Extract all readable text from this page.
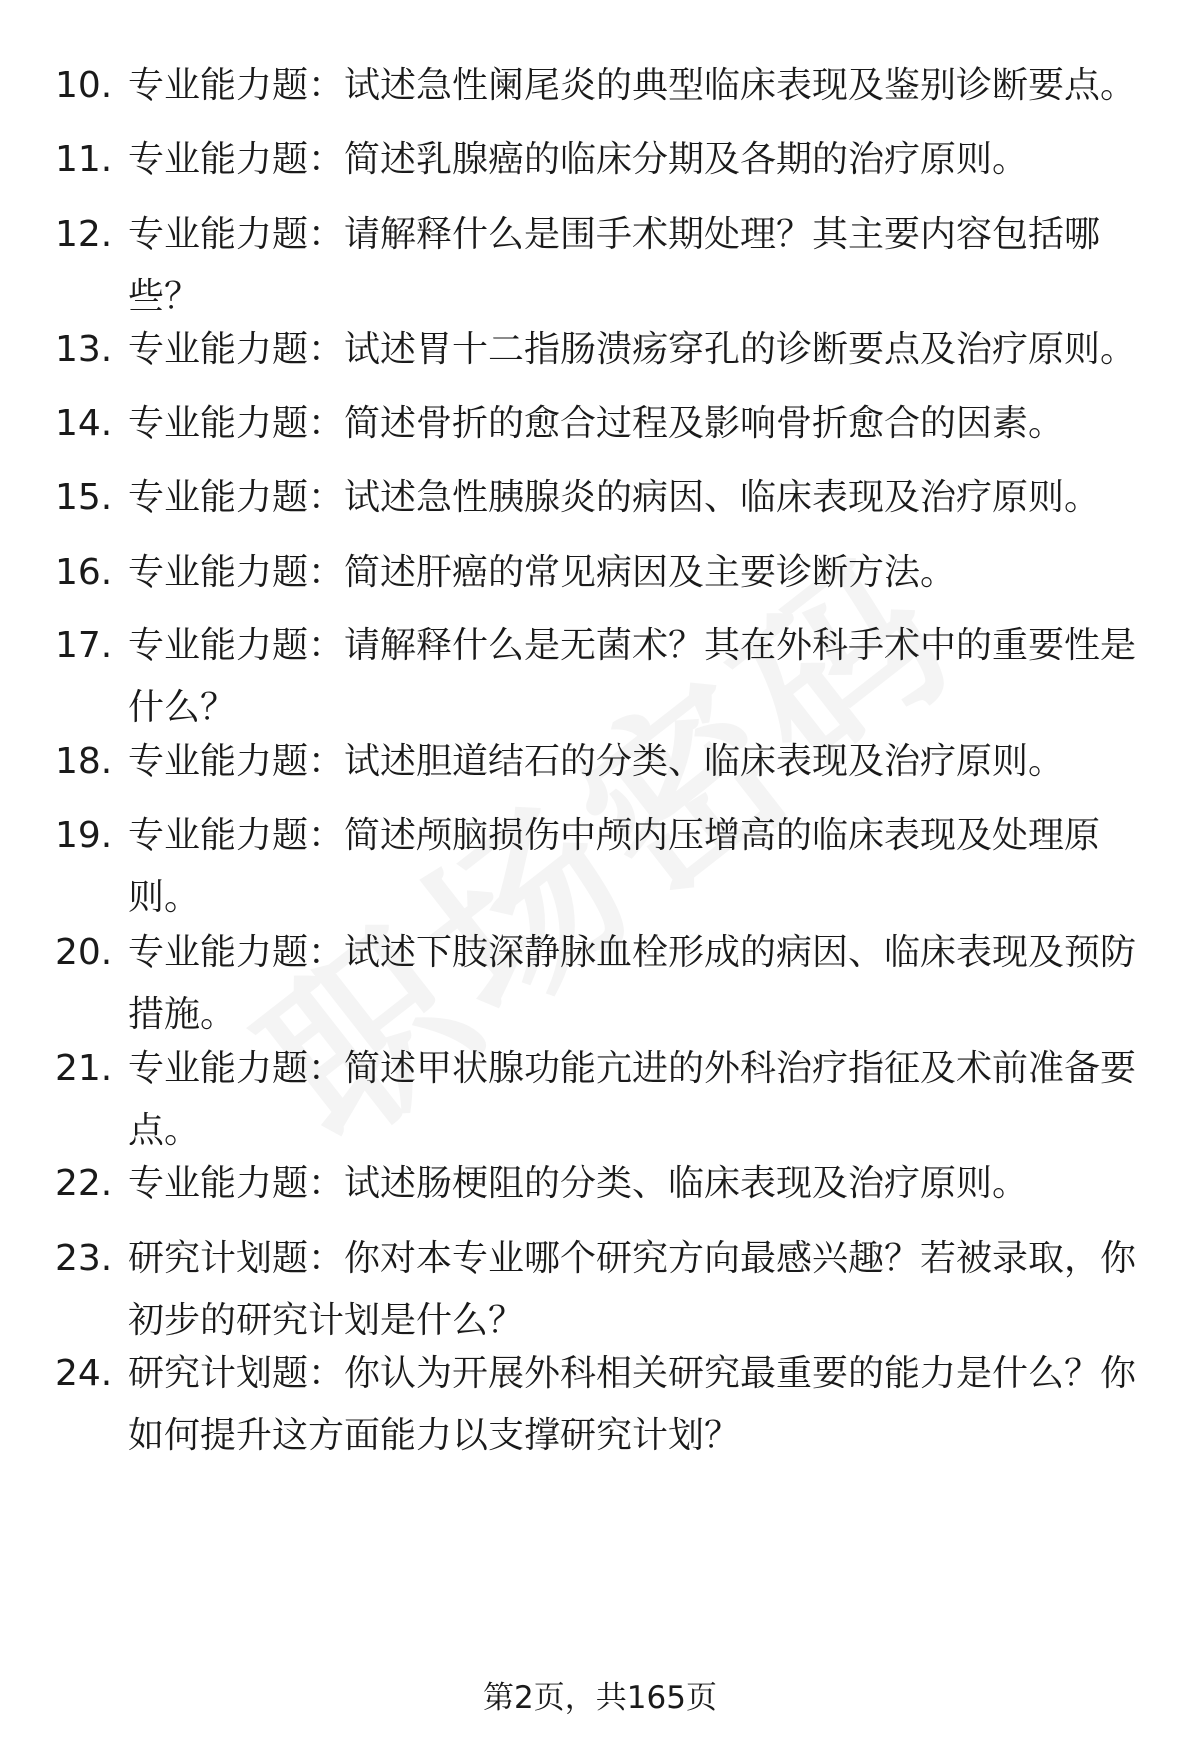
10. 专业能力题：试述急性阑尾炎的典型临床表现及鉴别诊断要点。
11. 专业能力题：简述乳腺癌的临床分期及各期的治疗原则。
12. 专业能力题：请解释什么是围手术期处理？其主要内容包括哪
些？
13. 专业能力题：试述胃十二指肠溃疡穿孔的诊断要点及治疗原则。
14. 专业能力题：简述骨折的愈合过程及影响骨折愈合的因素。
15. 专业能力题：试述急性胰腺炎的病因、临床表现及治疗原则。
16. 专业能力题：简述肝癌的常见病因及主要诊断方法。
17. 专业能力题：请解释什么是无菌术？其在外科手术中的重要性是
什么？
18. 专业能力题：试述胆道结石的分类、临床表现及治疗原则。
19. 专业能力题：简述颅脑损伤中颅内压增高的临床表现及处理原
则。
20. 专业能力题：试述下肢深静脉血栓形成的病因、临床表现及预防
措施。
21. 专业能力题：简述甲状腺功能亢进的外科治疗指征及术前准备要
点。
22. 专业能力题：试述肠梗阻的分类、临床表现及治疗原则。
23. 研究计划题：你对本专业哪个研究方向最感兴趣？若被录取，你
初步的研究计划是什么？
24. 研究计划题：你认为开展外科相关研究最重要的能力是什么？你
如何提升这方面能力以支撑研究计划？
第2页，共165页
